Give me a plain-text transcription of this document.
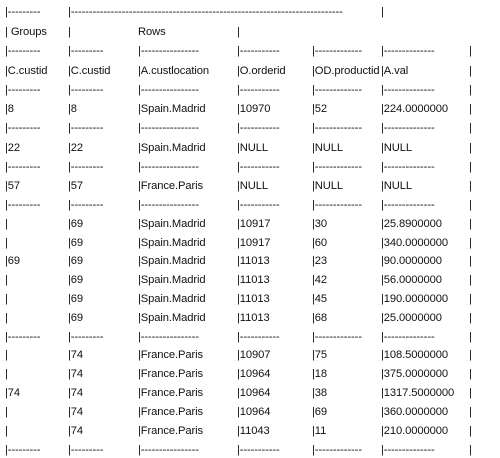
|--------- |---------------------------------------------------------------------------	|
| Groups |	Rows	|
|--------- |---------	|----------------	|-----------	|------------- |--------------	|
|C.custid |C.custid |A.custlocation |O.orderid |OD.productid |A.val	|
|--------- |---------	|----------------	|-----------	|------------- |--------------	|
|8	|8	|Spain.Madrid	|10970	|52	|224.0000000 |
|--------- |---------	|----------------	|-----------	|------------- |--------------	|
|22	|22	|Spain.Madrid	|NULL	|NULL	|NULL	|
|--------- |---------	|----------------	|-----------	|------------- |--------------	|
|57	|57	|France.Paris	|NULL	|NULL	|NULL	|
|--------- |---------	|----------------	|-----------	|------------- |--------------	|
|	|69	|Spain.Madrid	|10917	|30	|25.8900000 |
|	|69	|Spain.Madrid	|10917	|60	|340.0000000 |
|69	|69	|Spain.Madrid	|11013	|23	|90.0000000 |
|	|69	|Spain.Madrid	|11013	|42	|56.0000000 |
|	|69	|Spain.Madrid	|11013	|45	|190.0000000 |
|	|69	|Spain.Madrid	|11013	|68	|25.0000000 |
|--------- |---------	|----------------	|-----------	|------------- |--------------	|
|	|74	|France.Paris	|10907	|75	|108.5000000 |
|	|74	|France.Paris	|10964	|18	|375.0000000 |
|74	|74	|France.Paris	|10964	|38	|1317.5000000 |
|	|74	|France.Paris	|10964	|69	|360.0000000 |
|	|74	|France.Paris	|11043	|11	|210.0000000 |
|--------- |---------	|----------------	|-----------	|------------- |--------------	|
